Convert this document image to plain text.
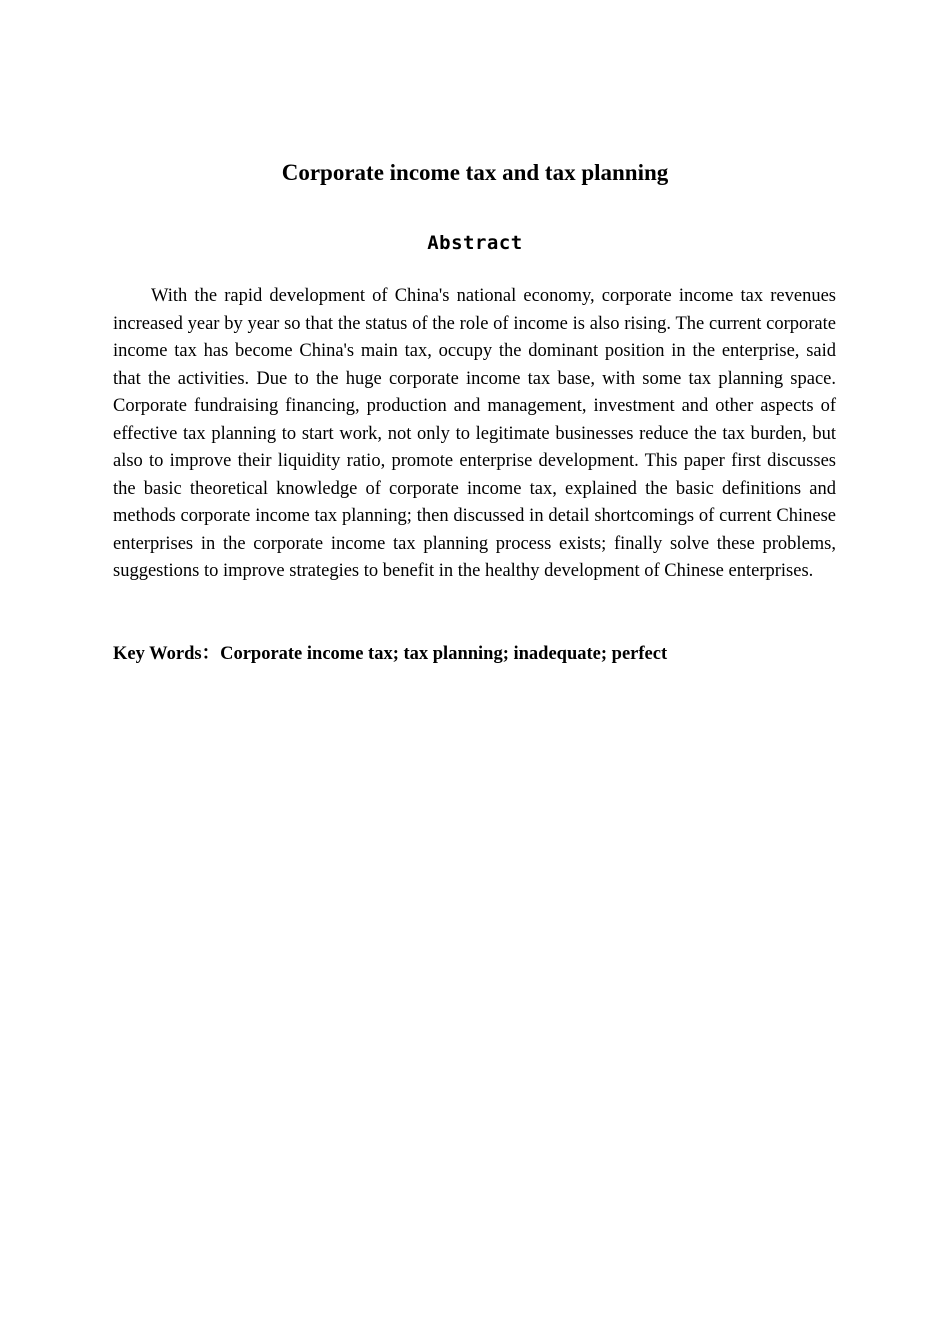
Corporate income tax and tax planning
Abstract

With the rapid development of China's national economy, corporate income tax revenues increased year by year so that the status of the role of income is also rising. The current corporate income tax has become China's main tax, occupy the dominant position in the enterprise, said that the activities. Due to the huge corporate income tax base, with some tax planning space. Corporate fundraising financing, production and management, investment and other aspects of effective tax planning to start work, not only to legitimate businesses reduce the tax burden, but also to improve their liquidity ratio, promote enterprise development. This paper first discusses the basic theoretical knowledge of corporate income tax, explained the basic definitions and methods corporate income tax planning; then discussed in detail shortcomings of current Chinese enterprises in the corporate income tax planning process exists; finally solve these problems, suggestions to improve strategies to benefit in the healthy development of Chinese enterprises.

Key Words：Corporate income tax; tax planning; inadequate; perfect
